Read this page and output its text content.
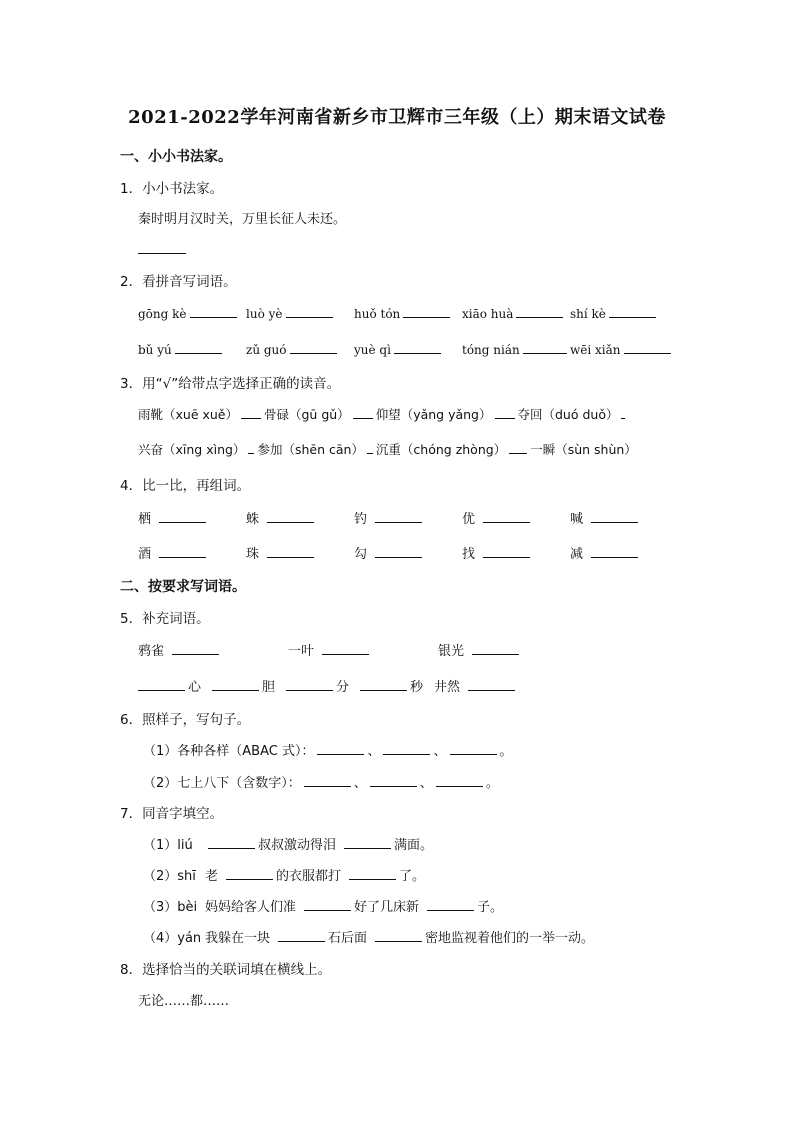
2021-2022学年河南省新乡市卫辉市三年级（上）期末语文试卷
一、小小书法家。
1．小小书法家。
秦时明月汉时关，万里长征人未还。
2．看拼音写词语。
gōng kè	luò yè	huǒ tón	xiāo huà	shí kè
bǔ yú	zǔ guó	yuè qì	tóng nián	wēi xiǎn
3．用“√”给带点字选择正确的读音。
雨靴（xuē xuě） 骨碌（gū gǔ） 仰望（yǎng yǎng） 夺回（duó duǒ）
兴奋（xīng xìng） 参加（shēn cān） 沉重（chóng zhòng） 一瞬（sùn shùn）
4．比一比，再组词。
栖	蛛	钓	优	喊
酒	珠	勾	找	减
二、按要求写词语。
5．补充词语。
鸦雀	一叶	银光
心	胆	分	秒 井然
6．照样子，写句子。
（1）各种各样（ABAC 式）：	、	、	。
（2）七上八下（含数字）：	、	、	。
7．同音字填空。
（1）liú	叔叔激动得泪	满面。
（2）shī 老	的衣服都打	了。
（3）bèi 妈妈给客人们准	好了几床新	子。
（4）yán 我躲在一块	石后面	密地监视着他们的一举一动。
8．选择恰当的关联词填在横线上。
无论……都……
